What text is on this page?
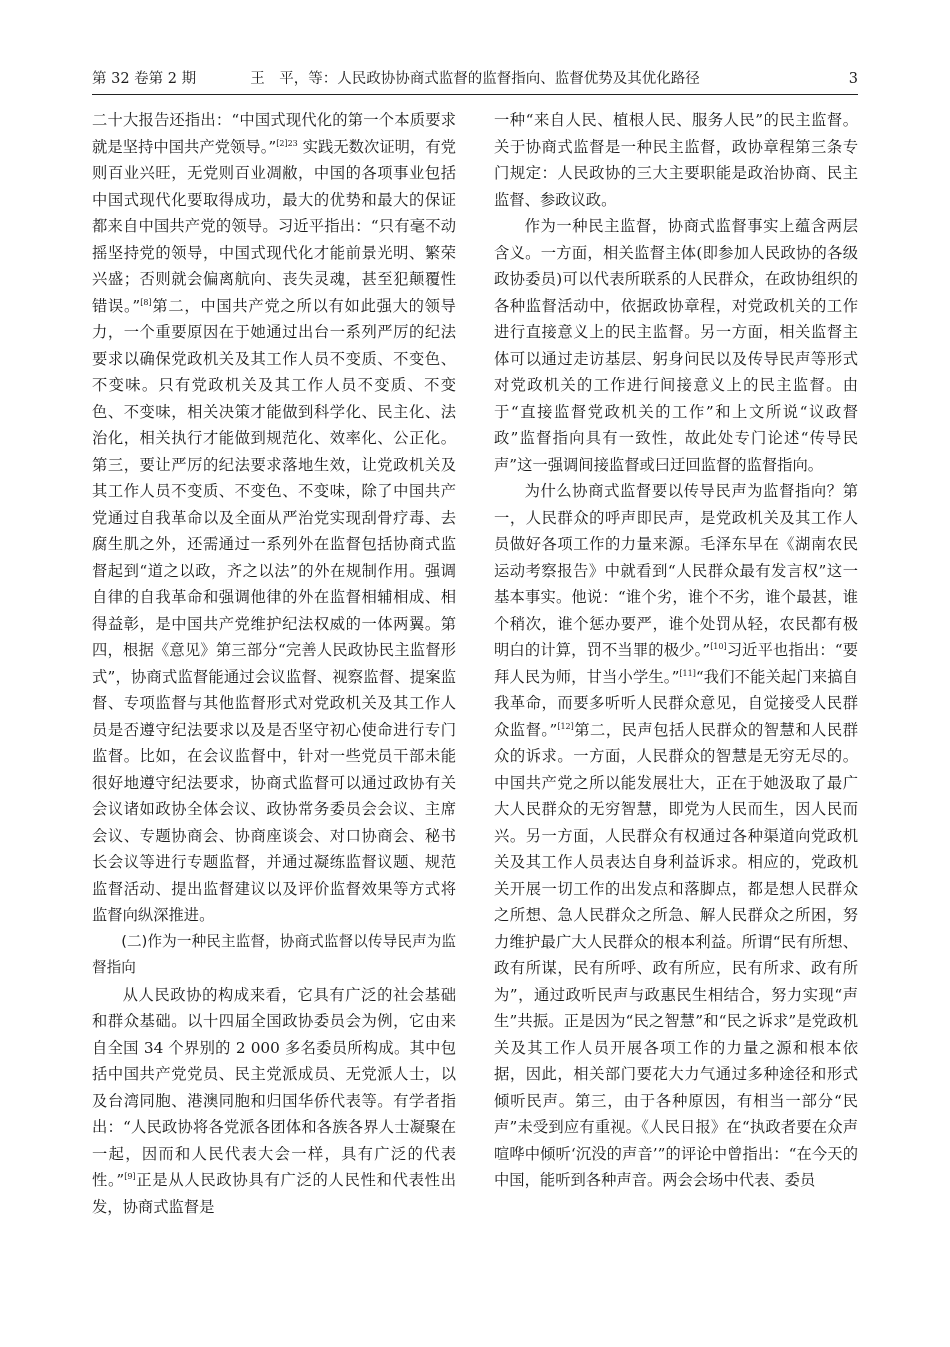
第 32 卷第 2 期	王　平，等：人民政协协商式监督的监督指向、监督优势及其优化路径	3

二十大报告还指出：“中国式现代化的第一个本质要求就是坚持中国共产党领导。”$^{[2]23}$ 实践无数次证明，有党则百业兴旺，无党则百业凋敝，中国的各项事业包括中国式现代化要取得成功，最大的优势和最大的保证都来自中国共产党的领导。习近平指出：“只有毫不动摇坚持党的领导，中国式现代化才能前景光明、繁荣兴盛；否则就会偏离航向、丧失灵魂，甚至犯颠覆性错误。”[8]第二，中国共产党之所以有如此强大的领导力，一个重要原因在于她通过出台一系列严厉的纪法要求以确保党政机关及其工作人员不变质、不变色、不变味。只有党政机关及其工作人员不变质、不变色、不变味，相关决策才能做到科学化、民主化、法治化，相关执行才能做到规范化、效率化、公正化。第三，要让严厉的纪法要求落地生效，让党政机关及其工作人员不变质、不变色、不变味，除了中国共产党通过自我革命以及全面从严治党实现刮骨疗毒、去腐生肌之外，还需通过一系列外在监督包括协商式监督起到“道之以政，齐之以法”的外在规制作用。强调自律的自我革命和强调他律的外在监督相辅相成、相得益彰，是中国共产党维护纪法权威的一体两翼。第四，根据《意见》第三部分“完善人民政协民主监督形式”，协商式监督能通过会议监督、视察监督、提案监督、专项监督与其他监督形式对党政机关及其工作人员是否遵守纪法要求以及是否坚守初心使命进行专门监督。比如，在会议监督中，针对一些党员干部未能很好地遵守纪法要求，协商式监督可以通过政协有关会议诸如政协全体会议、政协常务委员会会议、主席会议、专题协商会、协商座谈会、对口协商会、秘书长会议等进行专题监督，并通过凝练监督议题、规范监督活动、提出监督建议以及评价监督效果等方式将监督向纵深推进。

(二)作为一种民主监督，协商式监督以传导民声为监督指向

从人民政协的构成来看，它具有广泛的社会基础和群众基础。以十四届全国政协委员会为例，它由来自全国 34 个界别的 2 000 多名委员所构成。其中包括中国共产党党员、民主党派成员、无党派人士，以及台湾同胞、港澳同胞和归国华侨代表等。有学者指出：“人民政协将各党派各团体和各族各界人士凝聚在一起，因而和人民代表大会一样，具有广泛的代表性。”[9]正是从人民政协具有广泛的人民性和代表性出发，协商式监督是

一种“来自人民、植根人民、服务人民”的民主监督。关于协商式监督是一种民主监督，政协章程第三条专门规定：人民政协的三大主要职能是政治协商、民主监督、参政议政。

作为一种民主监督，协商式监督事实上蕴含两层含义。一方面，相关监督主体(即参加人民政协的各级政协委员)可以代表所联系的人民群众，在政协组织的各种监督活动中，依据政协章程，对党政机关的工作进行直接意义上的民主监督。另一方面，相关监督主体可以通过走访基层、躬身问民以及传导民声等形式对党政机关的工作进行间接意义上的民主监督。由于“直接监督党政机关的工作”和上文所说“议政督政”监督指向具有一致性，故此处专门论述“传导民声”这一强调间接监督或曰迂回监督的监督指向。

为什么协商式监督要以传导民声为监督指向？第一，人民群众的呼声即民声，是党政机关及其工作人员做好各项工作的力量来源。毛泽东早在《湖南农民运动考察报告》中就看到“人民群众最有发言权”这一基本事实。他说：“谁个劣，谁个不劣，谁个最甚，谁个稍次，谁个惩办要严，谁个处罚从轻，农民都有极明白的计算，罚不当罪的极少。”[10]习近平也指出：“要拜人民为师，甘当小学生。”[11]“我们不能关起门来搞自我革命，而要多听听人民群众意见，自觉接受人民群众监督。”[12]第二，民声包括人民群众的智慧和人民群众的诉求。一方面，人民群众的智慧是无穷无尽的。中国共产党之所以能发展壮大，正在于她汲取了最广大人民群众的无穷智慧，即党为人民而生，因人民而兴。另一方面，人民群众有权通过各种渠道向党政机关及其工作人员表达自身利益诉求。相应的，党政机关开展一切工作的出发点和落脚点，都是想人民群众之所想、急人民群众之所急、解人民群众之所困，努力维护最广大人民群众的根本利益。所谓“民有所想、政有所谋，民有所呼、政有所应，民有所求、政有所为”，通过政听民声与政惠民生相结合，努力实现“声生”共振。正是因为“民之智慧”和“民之诉求”是党政机关及其工作人员开展各项工作的力量之源和根本依据，因此，相关部门要花大力气通过多种途径和形式倾听民声。第三，由于各种原因，有相当一部分“民声”未受到应有重视。《人民日报》在“执政者要在众声喧哗中倾听‘沉没的声音’”的评论中曾指出：“在今天的中国，能听到各种声音。两会会场中代表、委员
